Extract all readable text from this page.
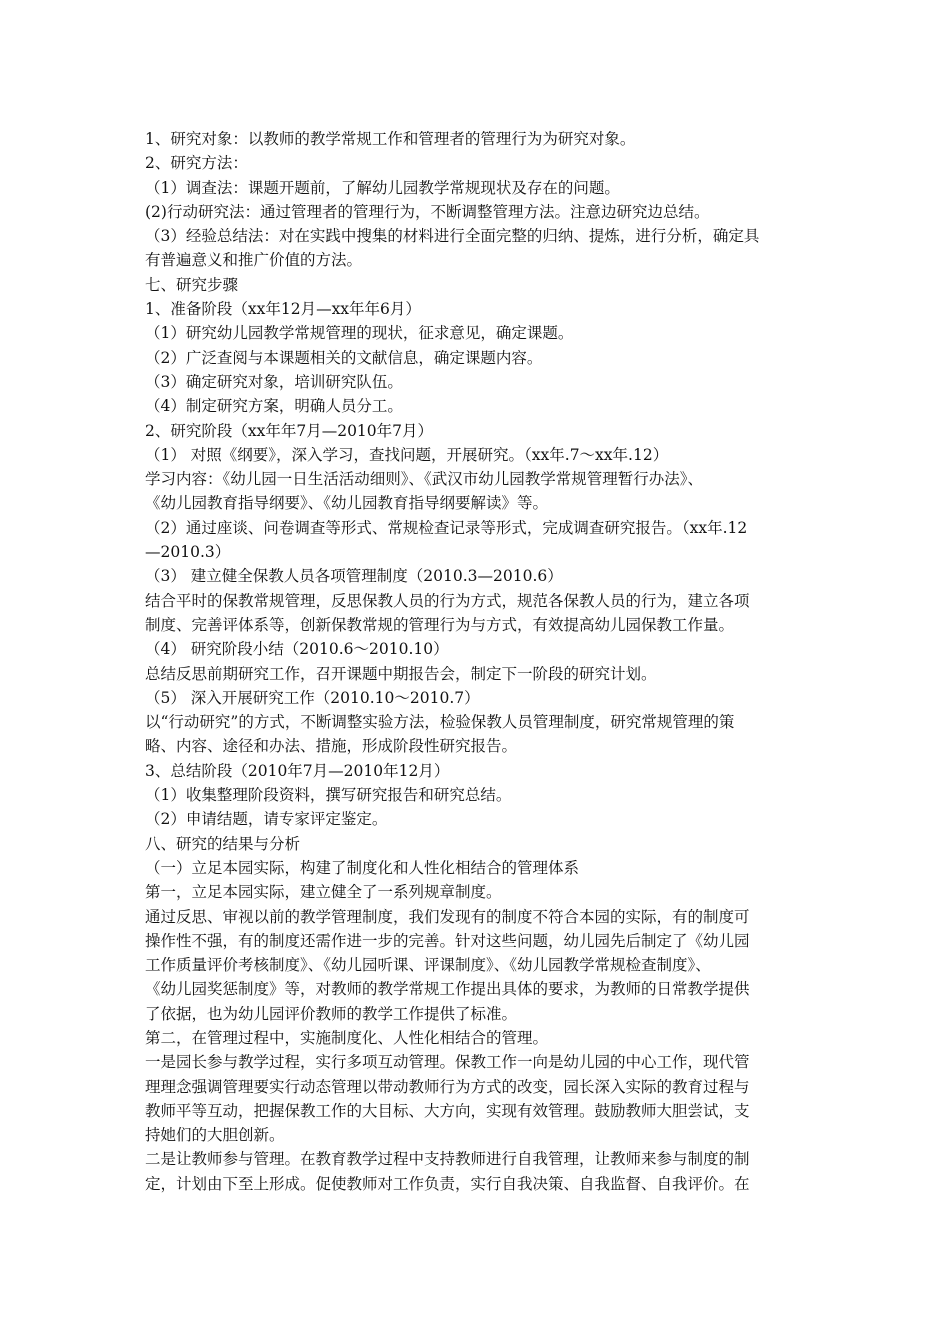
1、研究对象：以教师的教学常规工作和管理者的管理行为为研究对象。

2、研究方法：

（1）调查法：课题开题前，了解幼儿园教学常规现状及存在的问题。

(2)行动研究法：通过管理者的管理行为，不断调整管理方法。注意边研究边总结。

（3）经验总结法：对在实践中搜集的材料进行全面完整的归纳、提炼，进行分析，确定具

有普遍意义和推广价值的方法。

七、研究步骤

1、准备阶段（xx年12月—xx年年6月）

（1）研究幼儿园教学常规管理的现状，征求意见，确定课题。

（2）广泛查阅与本课题相关的文献信息，确定课题内容。

（3）确定研究对象，培训研究队伍。

（4）制定研究方案，明确人员分工。

2、研究阶段（xx年年7月—2010年7月）

（1） 对照《纲要》，深入学习，查找问题，开展研究。（xx年.7～xx年.12）

学习内容：《幼儿园一日生活活动细则》、《武汉市幼儿园教学常规管理暂行办法》、

《幼儿园教育指导纲要》、《幼儿园教育指导纲要解读》等。

（2）通过座谈、问卷调查等形式、常规检查记录等形式，完成调查研究报告。（xx年.12

—2010.3）

（3） 建立健全保教人员各项管理制度（2010.3—2010.6）

结合平时的保教常规管理，反思保教人员的行为方式，规范各保教人员的行为，建立各项

制度、完善评体系等，创新保教常规的管理行为与方式，有效提高幼儿园保教工作量。

（4） 研究阶段小结（2010.6～2010.10）

总结反思前期研究工作，召开课题中期报告会，制定下一阶段的研究计划。

（5） 深入开展研究工作（2010.10～2010.7）

以“行动研究”的方式，不断调整实验方法，检验保教人员管理制度，研究常规管理的策

略、内容、途径和办法、措施，形成阶段性研究报告。

3、总结阶段（2010年7月—2010年12月）

（1）收集整理阶段资料，撰写研究报告和研究总结。

（2）申请结题，请专家评定鉴定。

八、研究的结果与分析

（一）立足本园实际，构建了制度化和人性化相结合的管理体系

第一，立足本园实际，建立健全了一系列规章制度。

通过反思、审视以前的教学管理制度，我们发现有的制度不符合本园的实际，有的制度可

操作性不强，有的制度还需作进一步的完善。针对这些问题，幼儿园先后制定了《幼儿园

工作质量评价考核制度》、《幼儿园听课、评课制度》、《幼儿园教学常规检查制度》、

《幼儿园奖惩制度》等，对教师的教学常规工作提出具体的要求，为教师的日常教学提供

了依据，也为幼儿园评价教师的教学工作提供了标准。

第二，在管理过程中，实施制度化、人性化相结合的管理。

一是园长参与教学过程，实行多项互动管理。保教工作一向是幼儿园的中心工作，现代管

理理念强调管理要实行动态管理以带动教师行为方式的改变，园长深入实际的教育过程与

教师平等互动，把握保教工作的大目标、大方向，实现有效管理。鼓励教师大胆尝试，支

持她们的大胆创新。

二是让教师参与管理。在教育教学过程中支持教师进行自我管理，让教师来参与制度的制

定，计划由下至上形成。促使教师对工作负责，实行自我决策、自我监督、自我评价。在
